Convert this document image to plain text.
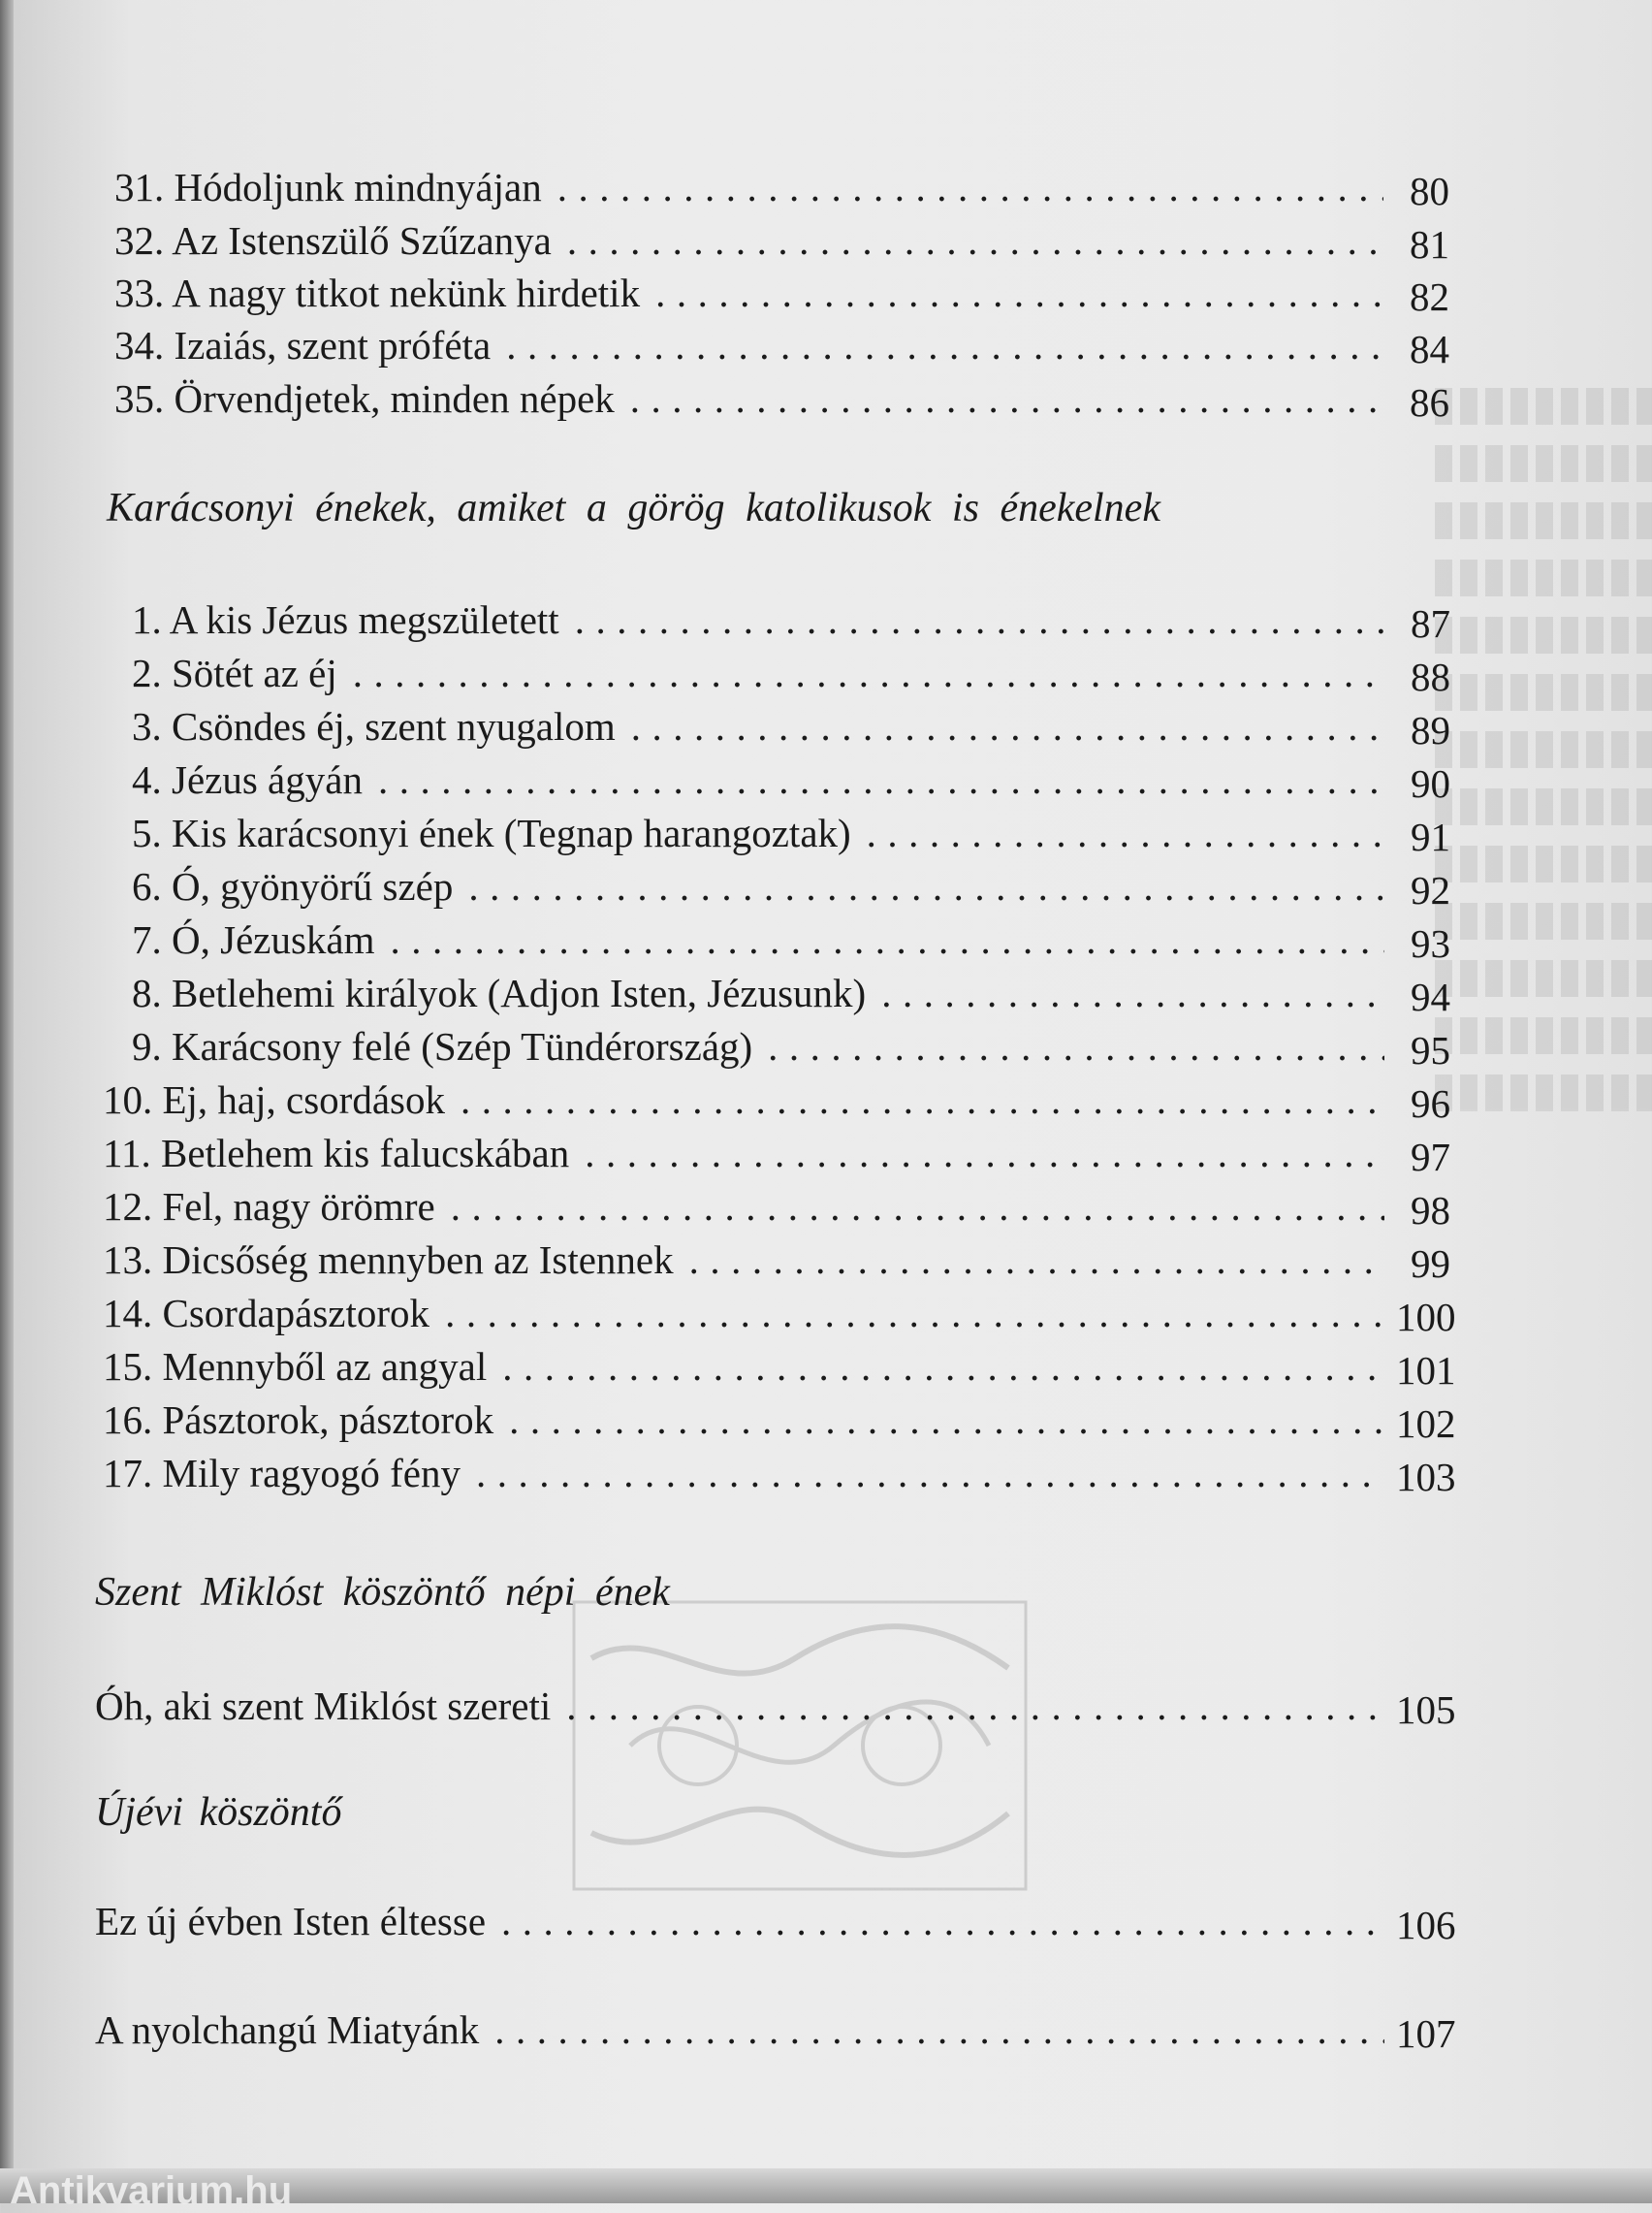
31. Hódoljunk mindnyájan .....	80
32. Az Istenszülő Szűzanya .....	81
33. A nagy titkot nekünk hirdetik .....	82
34. Izaiás, szent próféta .....	84
35. Örvendjetek, minden népek .....	86
Karácsonyi énekek, amiket a görög katolikusok is énekelnek
1. A kis Jézus megszületett .....	87
2. Sötét az éj .....	88
3. Csöndes éj, szent nyugalom .....	89
4. Jézus ágyán .....	90
5. Kis karácsonyi ének (Tegnap harangoztak) .....	91
6. Ó, gyönyörű szép .....	92
7. Ó, Jézuskám .....	93
8. Betlehemi királyok (Adjon Isten, Jézusunk) .....	94
9. Karácsony felé (Szép Tündérország) .....	95
10. Ej, haj, csordások .....	96
11. Betlehem kis falucskában .....	97
12. Fel, nagy örömre .....	98
13. Dicsőség mennyben az Istennek .....	99
14. Csordapásztorok .....	100
15. Mennyből az angyal .....	101
16. Pásztorok, pásztorok .....	102
17. Mily ragyogó fény .....	103
Szent Miklóst köszöntő népi ének
Óh, aki szent Miklóst szereti .....	105
Újévi köszöntő
Ez új évben Isten éltesse .....	106
A nyolchangú Miatyánk .....	107
Antikvarium.hu
